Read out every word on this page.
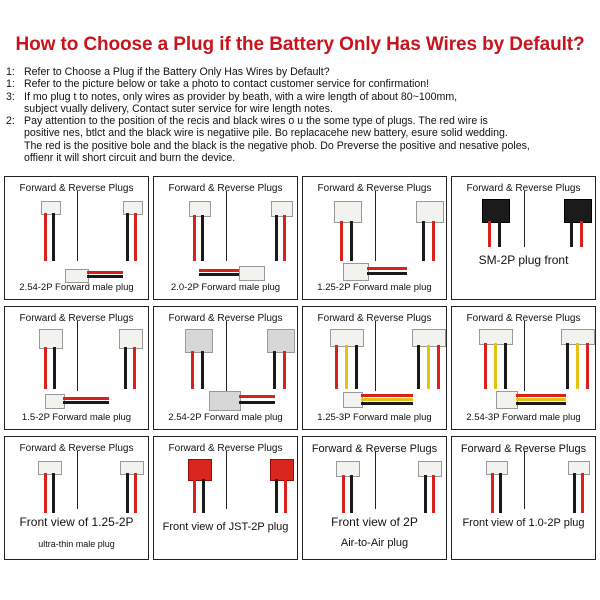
How to Choose a Plug if the Battery Only Has Wires by Default?
1: Refer to Choose a Plug if the Battery Only Has Wires by Default?
1: Refer to the picture below or take a photo to contact customer service for confirmation!
3: If mo plug t to notes, only wires as provider by beath, with a wire length of about 80~100mm,
subject vually delivery, Contact suter service for wire length notes.
2: Pay attention to the position of the recis and black wires o u the some type of plugs. The red wire is
positive nes, btlct and the black wire is negatiive pile. Bo replacacehe new battery, esure solid wedding.
The red is the positive bole and the black is the negative phob. Do Preverse the positive and nesative poles,
offienr it will short circuit and burn the device.
Forward & Reverse Plugs
2.54-2P Forward male plug
Forward & Reverse Plugs
2.0-2P Forward male plug
Forward & Reverse Plugs
1.25-2P Forward male plug
Forward & Reverse Plugs
SM-2P plug front
Forward & Reverse Plugs
1.5-2P Forward male plug
Forward & Reverse Plugs
2.54-2P Forward male plug
Forward & Reverse Plugs
1.25-3P Forward male plug
Forward & Reverse Plugs
2.54-3P Forward male plug
Forward & Reverse Plugs
Front view of 1.25-2P
ultra-thin male plug
Forward & Reverse Plugs
Front view of JST-2P plug
Forward & Reverse Plugs
Front view of 2P
Air-to-Air plug
Forward & Reverse Plugs
Front view of 1.0-2P plug
